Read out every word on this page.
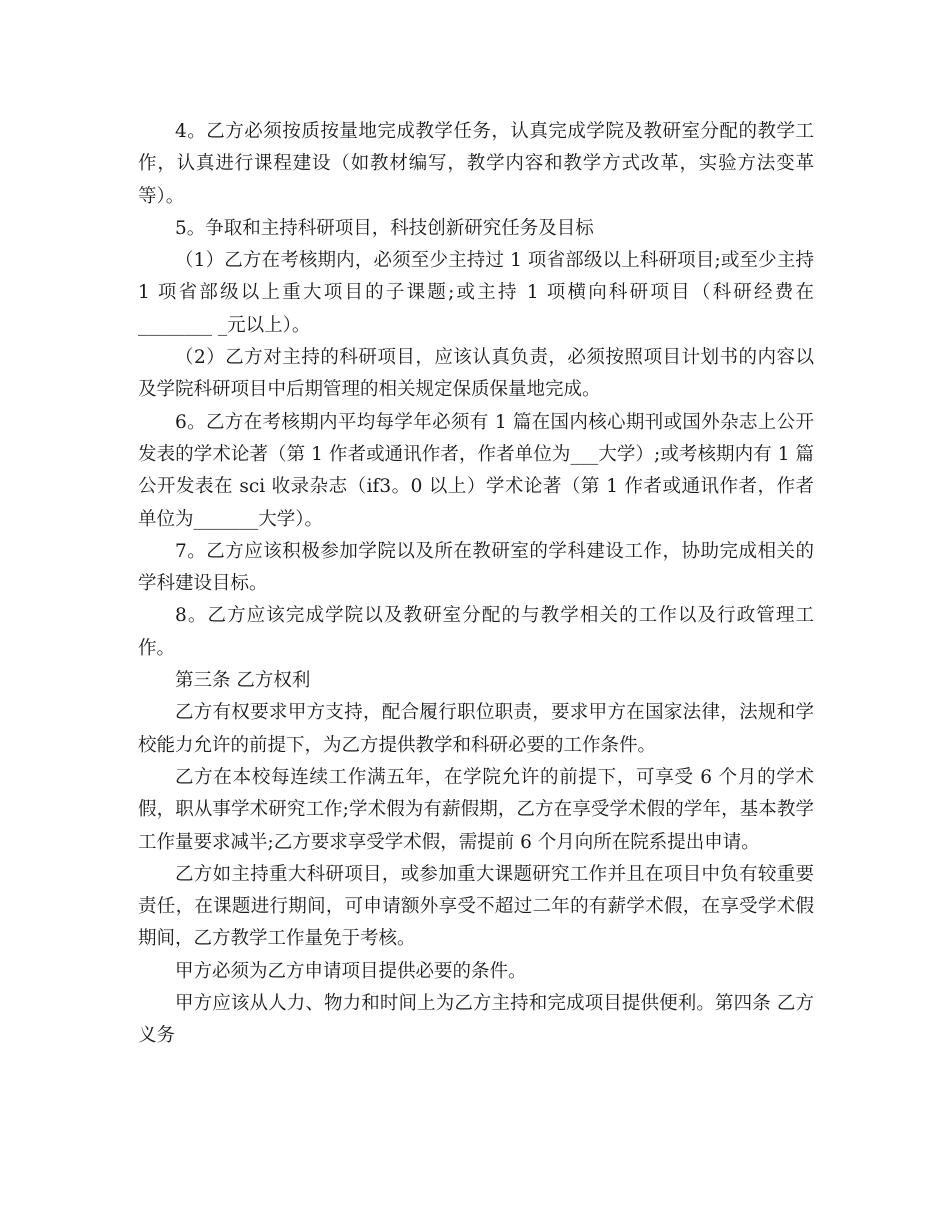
4。乙方必须按质按量地完成教学任务，认真完成学院及教研室分配的教学工作，认真进行课程建设（如教材编写，教学内容和教学方式改革，实验方法变革等）。

5。争取和主持科研项目，科技创新研究任务及目标

（1）乙方在考核期内，必须至少主持过 1 项省部级以上科研项目;或至少主持 1 项省部级以上重大项目的子课题;或主持 1 项横向科研项目（科研经费在________ _元以上）。

（2）乙方对主持的科研项目，应该认真负责，必须按照项目计划书的内容以及学院科研项目中后期管理的相关规定保质保量地完成。

6。乙方在考核期内平均每学年必须有 1 篇在国内核心期刊或国外杂志上公开发表的学术论著（第 1 作者或通讯作者，作者单位为___大学）;或考核期内有 1 篇公开发表在 sci 收录杂志（if3。0 以上）学术论著（第 1 作者或通讯作者，作者单位为_______大学）。

7。乙方应该积极参加学院以及所在教研室的学科建设工作，协助完成相关的学科建设目标。

8。乙方应该完成学院以及教研室分配的与教学相关的工作以及行政管理工作。

第三条 乙方权利

乙方有权要求甲方支持，配合履行职位职责，要求甲方在国家法律，法规和学校能力允许的前提下，为乙方提供教学和科研必要的工作条件。

乙方在本校每连续工作满五年，在学院允许的前提下，可享受 6 个月的学术假，职从事学术研究工作;学术假为有薪假期，乙方在享受学术假的学年，基本教学工作量要求减半;乙方要求享受学术假，需提前 6 个月向所在院系提出申请。

乙方如主持重大科研项目，或参加重大课题研究工作并且在项目中负有较重要责任，在课题进行期间，可申请额外享受不超过二年的有薪学术假，在享受学术假期间，乙方教学工作量免于考核。

甲方必须为乙方申请项目提供必要的条件。

甲方应该从人力、物力和时间上为乙方主持和完成项目提供便利。第四条 乙方义务
